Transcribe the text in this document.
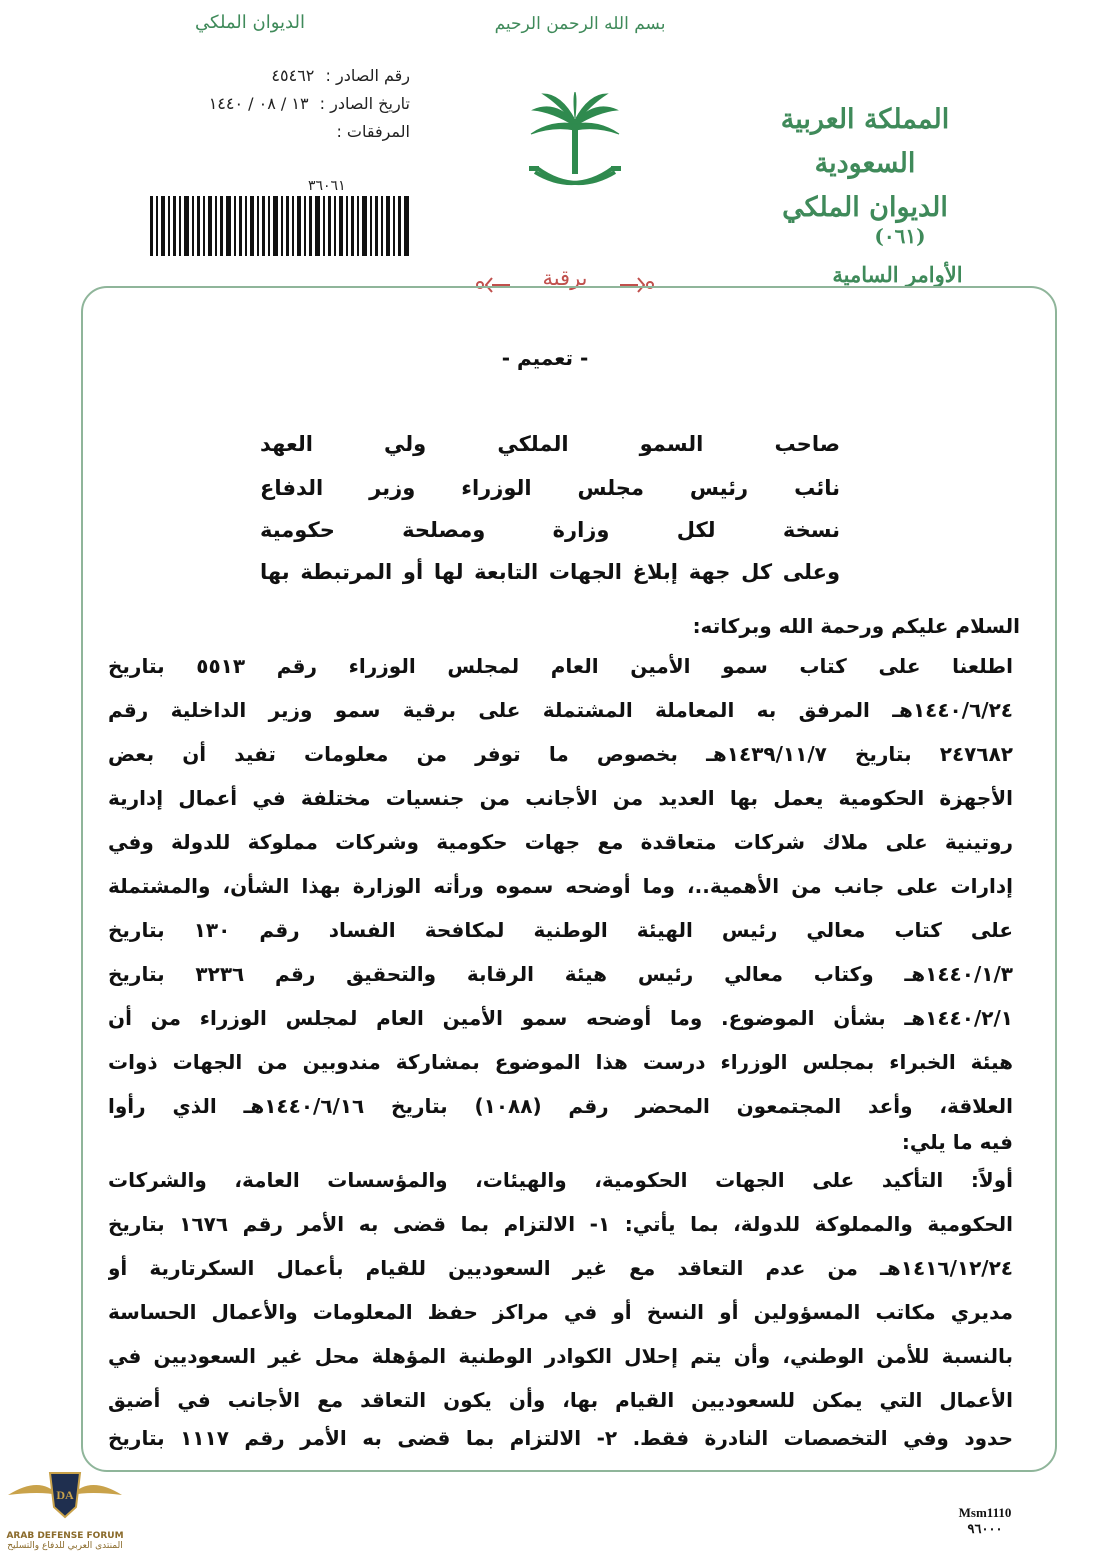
بسم الله الرحمن الرحيم
الديوان الملكي
رقم الصادر : ٤٥٤٦٢
تاريخ الصادر : ١٣ / ٠٨ / ١٤٤٠
المرفقات :
٣٦٠٦١
المملكة العربية السعودية
الديوان الملكي
(٠٦١)
الأوامر السامية
برقية
- تعميم -
صاحب السمو الملكي ولي العهد
نائب رئيس مجلس الوزراء وزير الدفاع
نسخة لكل وزارة ومصلحة حكومية
وعلى كل جهة إبلاغ الجهات التابعة لها أو المرتبطة بها
السلام عليكم ورحمة الله وبركاته:
اطلعنا على كتاب سمو الأمين العام لمجلس الوزراء رقم ٥٥١٣ بتاريخ
١٤٤٠/٦/٢٤هـ المرفق به المعاملة المشتملة على برقية سمو وزير الداخلية رقم
٢٤٧٦٨٢ بتاريخ ١٤٣٩/١١/٧هـ بخصوص ما توفر من معلومات تفيد أن بعض
الأجهزة الحكومية يعمل بها العديد من الأجانب من جنسيات مختلفة في أعمال إدارية
روتينية على ملاك شركات متعاقدة مع جهات حكومية وشركات مملوكة للدولة وفي
إدارات على جانب من الأهمية..، وما أوضحه سموه ورأته الوزارة بهذا الشأن، والمشتملة
على كتاب معالي رئيس الهيئة الوطنية لمكافحة الفساد رقم ١٣٠ بتاريخ
١٤٤٠/١/٣هـ وكتاب معالي رئيس هيئة الرقابة والتحقيق رقم ٣٢٣٦ بتاريخ
١٤٤٠/٢/١هـ بشأن الموضوع. وما أوضحه سمو الأمين العام لمجلس الوزراء من أن
هيئة الخبراء بمجلس الوزراء درست هذا الموضوع بمشاركة مندوبين من الجهات ذوات
العلاقة، وأعد المجتمعون المحضر رقم (١٠٨٨) بتاريخ ١٤٤٠/٦/١٦هـ الذي رأوا
فيه ما يلي:
أولاً: التأكيد على الجهات الحكومية، والهيئات، والمؤسسات العامة، والشركات
الحكومية والمملوكة للدولة، بما يأتي: ١- الالتزام بما قضى به الأمر رقم ١٦٧٦ بتاريخ
١٤١٦/١٢/٢٤هـ من عدم التعاقد مع غير السعوديين للقيام بأعمال السكرتارية أو
مديري مكاتب المسؤولين أو النسخ أو في مراكز حفظ المعلومات والأعمال الحساسة
بالنسبة للأمن الوطني، وأن يتم إحلال الكوادر الوطنية المؤهلة محل غير السعوديين في
الأعمال التي يمكن للسعوديين القيام بها، وأن يكون التعاقد مع الأجانب في أضيق
حدود وفي التخصصات النادرة فقط. ٢- الالتزام بما قضى به الأمر رقم ١١١٧ بتاريخ
Msm1110
٩٦٠٠٠
DA
ARAB DEFENSE FORUM
المنتدى العربي للدفاع والتسليح
